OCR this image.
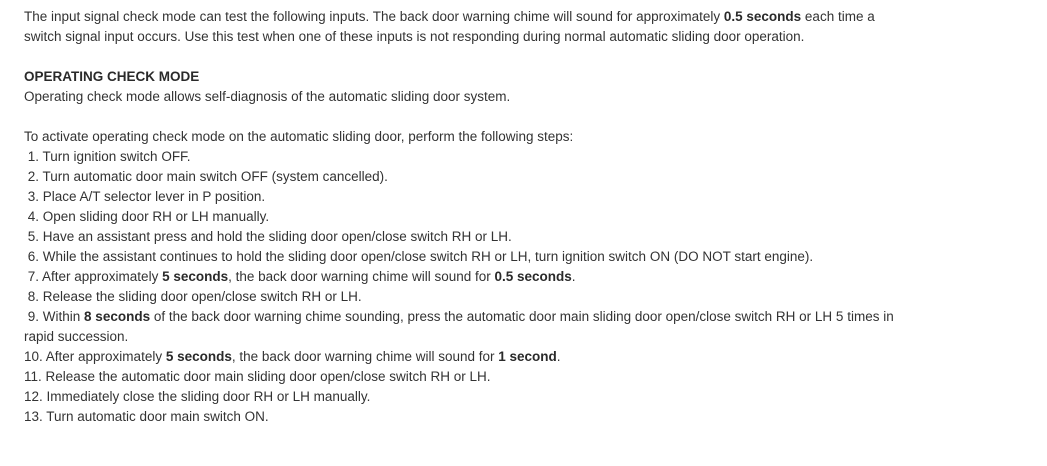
The input signal check mode can test the following inputs. The back door warning chime will sound for approximately 0.5 seconds each time a switch signal input occurs. Use this test when one of these inputs is not responding during normal automatic sliding door operation.

OPERATING CHECK MODE

Operating check mode allows self-diagnosis of the automatic sliding door system.

To activate operating check mode on the automatic sliding door, perform the following steps:

1. Turn ignition switch OFF.

2. Turn automatic door main switch OFF (system cancelled).

3. Place A/T selector lever in P position.

4. Open sliding door RH or LH manually.

5. Have an assistant press and hold the sliding door open/close switch RH or LH.

6. While the assistant continues to hold the sliding door open/close switch RH or LH, turn ignition switch ON (DO NOT start engine).

7. After approximately 5 seconds, the back door warning chime will sound for 0.5 seconds.

8. Release the sliding door open/close switch RH or LH.

9. Within 8 seconds of the back door warning chime sounding, press the automatic door main sliding door open/close switch RH or LH 5 times in rapid succession.

10. After approximately 5 seconds, the back door warning chime will sound for 1 second.

11. Release the automatic door main sliding door open/close switch RH or LH.

12. Immediately close the sliding door RH or LH manually.

13. Turn automatic door main switch ON.
